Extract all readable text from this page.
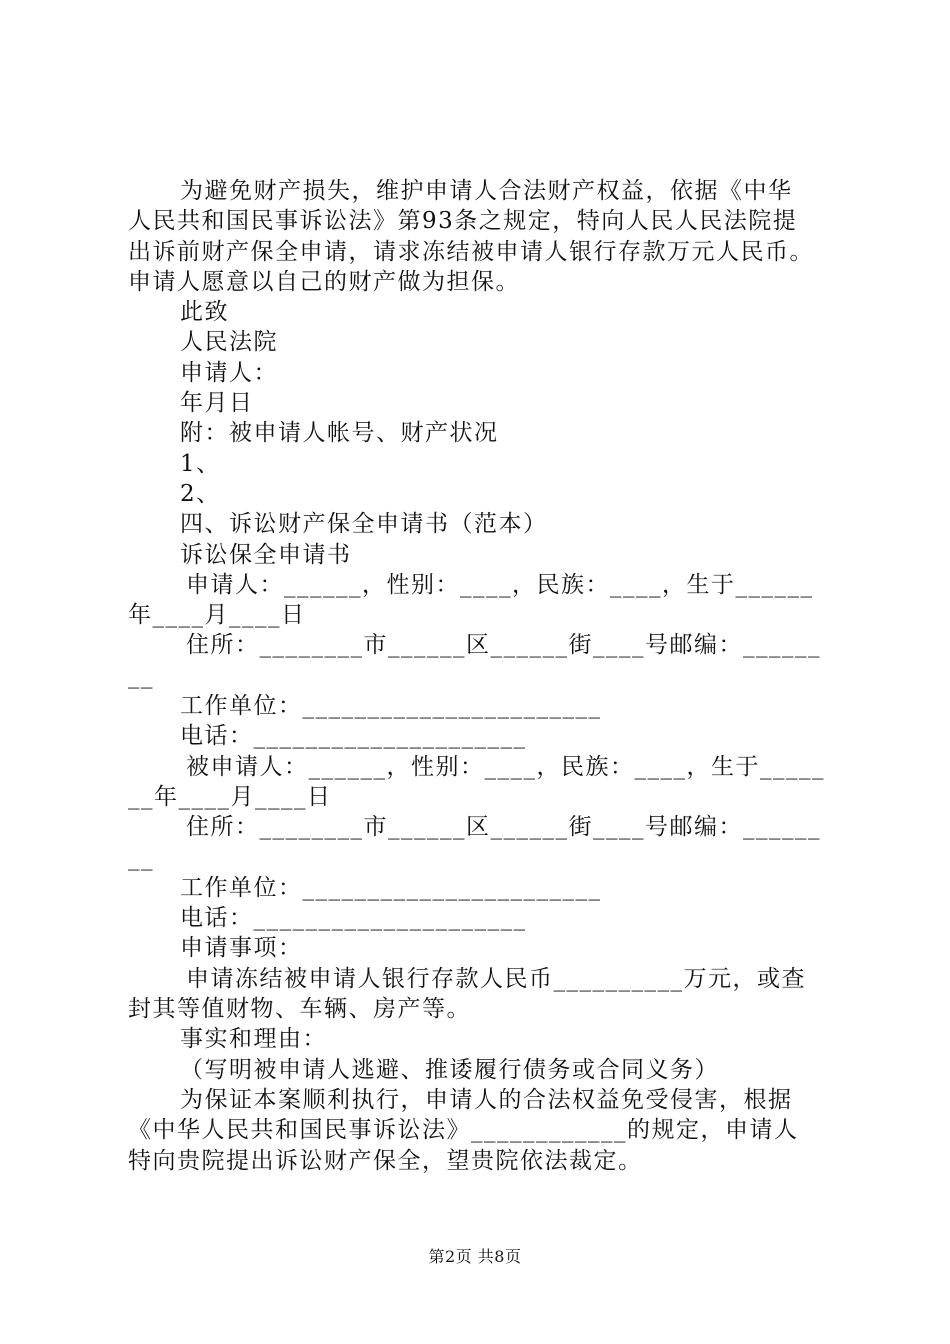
为避免财产损失，维护申请人合法财产权益，依据《中华
人民共和国民事诉讼法》第93条之规定，特向人民人民法院提
出诉前财产保全申请，请求冻结被申请人银行存款万元人民币。
申请人愿意以自己的财产做为担保。
此致
人民法院
申请人：
年月日
附：被申请人帐号、财产状况
1、
2、
四、诉讼财产保全申请书（范本）
诉讼保全申请书
申请人：______，性别：____，民族：____，生于______
年____月____日
住所：________市______区______街____号邮编：______
__
工作单位：_______________________
电话：_____________________
被申请人：______，性别：____，民族：____，生于_____
__年____月____日
住所：________市______区______街____号邮编：______
__
工作单位：_______________________
电话：_____________________
申请事项：
申请冻结被申请人银行存款人民币__________万元，或查
封其等值财物、车辆、房产等。
事实和理由：
（写明被申请人逃避、推诿履行债务或合同义务）
为保证本案顺利执行，申请人的合法权益免受侵害，根据
《中华人民共和国民事诉讼法》____________的规定，申请人
特向贵院提出诉讼财产保全，望贵院依法裁定。
第2页 共8页
